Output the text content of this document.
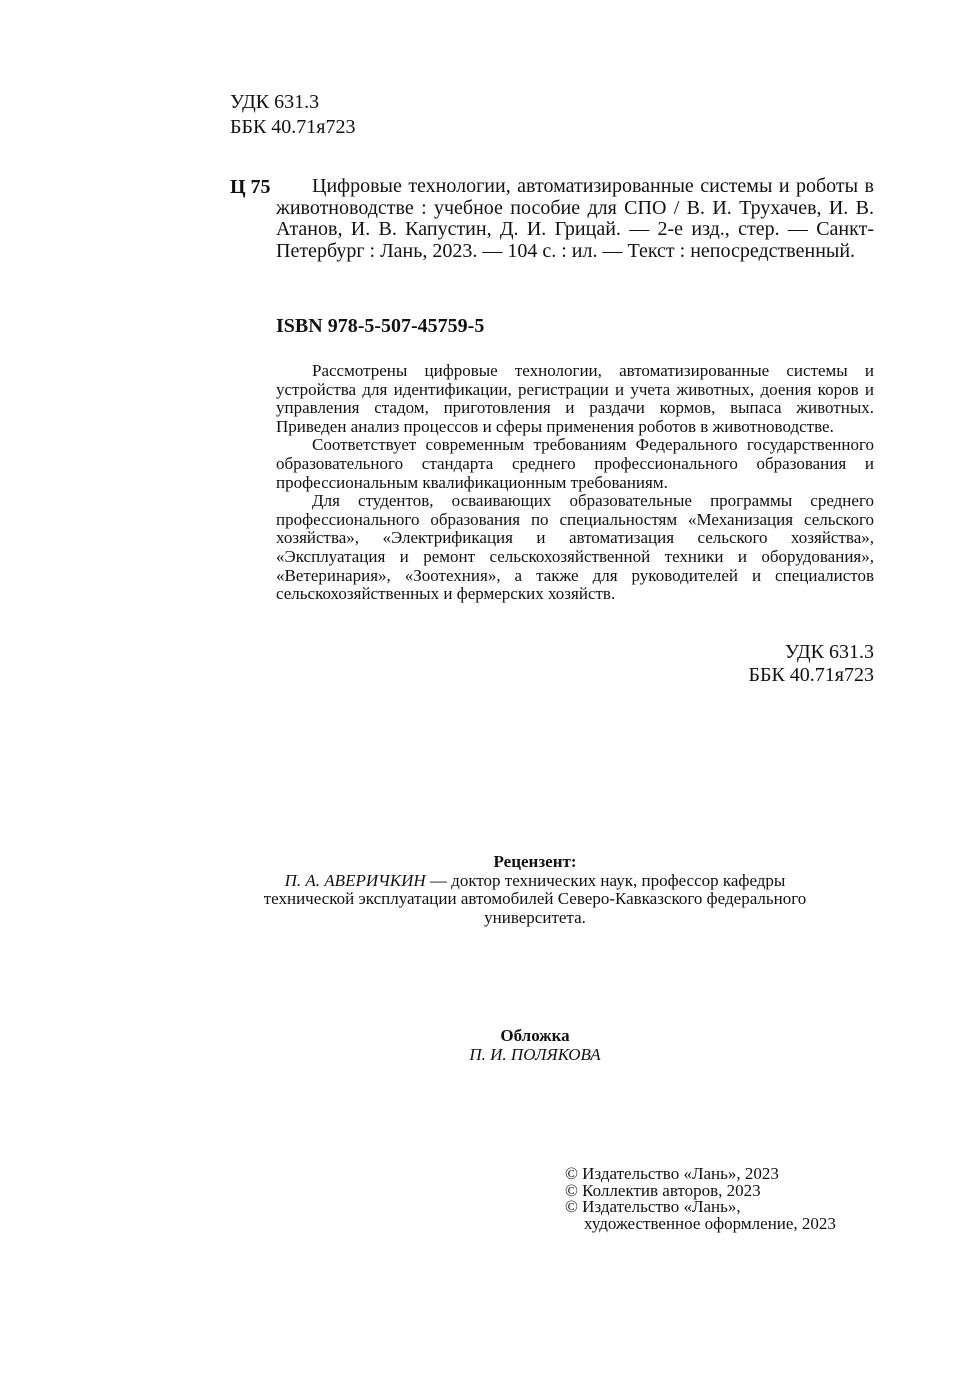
УДК 631.3
ББК 40.71я723
Ц 75	Цифровые технологии, автоматизированные системы и роботы в животноводстве : учебное пособие для СПО / В. И. Трухачев, И. В. Атанов, И. В. Капустин, Д. И. Грицай. — 2-е изд., стер. — Санкт-Петербург : Лань, 2023. — 104 с. : ил. — Текст : непосредственный.
ISBN 978-5-507-45759-5

Рассмотрены цифровые технологии, автоматизированные системы и устройства для идентификации, регистрации и учета животных, доения коров и управления стадом, приготовления и раздачи кормов, выпаса животных. Приведен анализ процессов и сферы применения роботов в животноводстве.

Соответствует современным требованиям Федерального государственного образовательного стандарта среднего профессионального образования и профессиональным квалификационным требованиям.

Для студентов, осваивающих образовательные программы среднего профессионального образования по специальностям «Механизация сельского хозяйства», «Электрификация и автоматизация сельского хозяйства», «Эксплуатация и ремонт сельскохозяйственной техники и оборудования», «Ветеринария», «Зоотехния», а также для руководителей и специалистов сельскохозяйственных и фермерских хозяйств.

УДК 631.3
ББК 40.71я723
Рецензент:
П. А. АВЕРИЧКИН — доктор технических наук, профессор кафедры технической эксплуатации автомобилей Северо-Кавказского федерального университета.
Обложка
П. И. ПОЛЯКОВА
© Издательство «Лань», 2023
© Коллектив авторов, 2023
© Издательство «Лань»,
художественное оформление, 2023
